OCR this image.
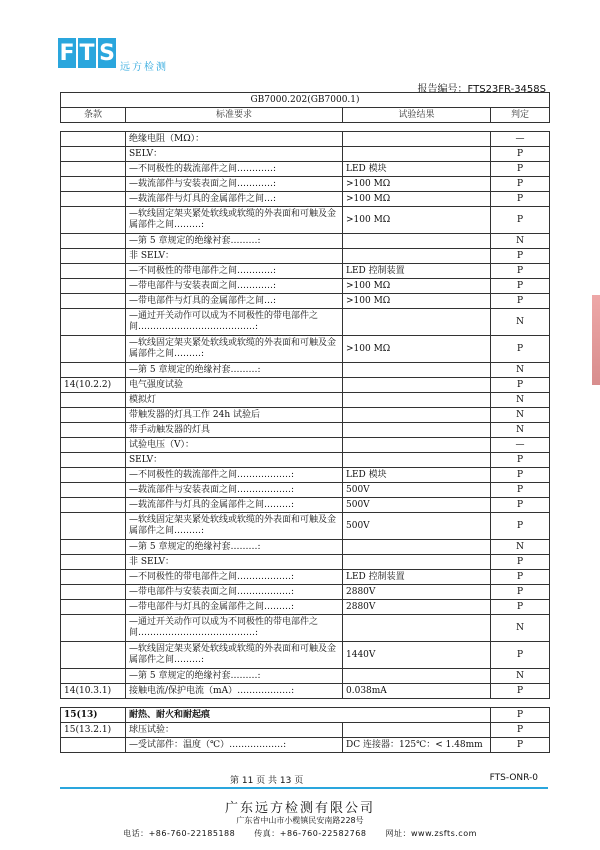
F T S
远方检测
报告编号：FTS23FR-3458S
GB7000.202(GB7000.1)			
条款	标准要求	试验结果	判定

	绝缘电阻（MΩ）：		—
	SELV：		P
	—不同极性的载流部件之间…………:	LED 模块	P
	—载流部件与安装表面之间…………:	>100 MΩ	P
	—载流部件与灯具的金属部件之间…:	>100 MΩ	P
	—软线固定架夹紧处软线或软缆的外表面和可触及金属部件之间………:	>100 MΩ	P
	—第 5 章规定的绝缘衬套………:		N
	非 SELV：		P
	—不同极性的带电部件之间…………:	LED 控制装置	P
	—带电部件与安装表面之间…………:	>100 MΩ	P
	—带电部件与灯具的金属部件之间…:	>100 MΩ	P
	—通过开关动作可以成为不同极性的带电部件之间…………………………………:		N
	—软线固定架夹紧处软线或软缆的外表面和可触及金属部件之间………:	>100 MΩ	P
	—第 5 章规定的绝缘衬套………:		N
14(10.2.2)	电气强度试验		P
	模拟灯		N
	带触发器的灯具工作 24h 试验后		N
	带手动触发器的灯具		N
	试验电压（V）：		—
	SELV：		P
	—不同极性的载流部件之间………………:	LED 模块	P
	—载流部件与安装表面之间………………:	500V	P
	—载流部件与灯具的金属部件之间………:	500V	P
	—软线固定架夹紧处软线或软缆的外表面和可触及金属部件之间………:	500V	P
	—第 5 章规定的绝缘衬套………:		N
	非 SELV：		P
	—不同极性的带电部件之间………………:	LED 控制装置	P
	—带电部件与安装表面之间………………:	2880V	P
	—带电部件与灯具的金属部件之间………:	2880V	P
	—通过开关动作可以成为不同极性的带电部件之间…………………………………:		N
	—软线固定架夹紧处软线或软缆的外表面和可触及金属部件之间………:	1440V	P
	—第 5 章规定的绝缘衬套………:		N
14(10.3.1)	接触电流/保护电流（mA）………………:	0.038mA	P

15(13)	耐热、耐火和耐起痕		P
15(13.2.1)	球压试验：		P
	—受试部件：温度（℃）………………:	DC 连接器：125℃：< 1.48mm	P
第 11 页 共 13 页	FTS-ONR-0
广东远方检测有限公司
广东省中山市小榄镇民安南路228号
电话：+86-760-22185188 传真：+86-760-22582768 网址：www.zsfts.com
